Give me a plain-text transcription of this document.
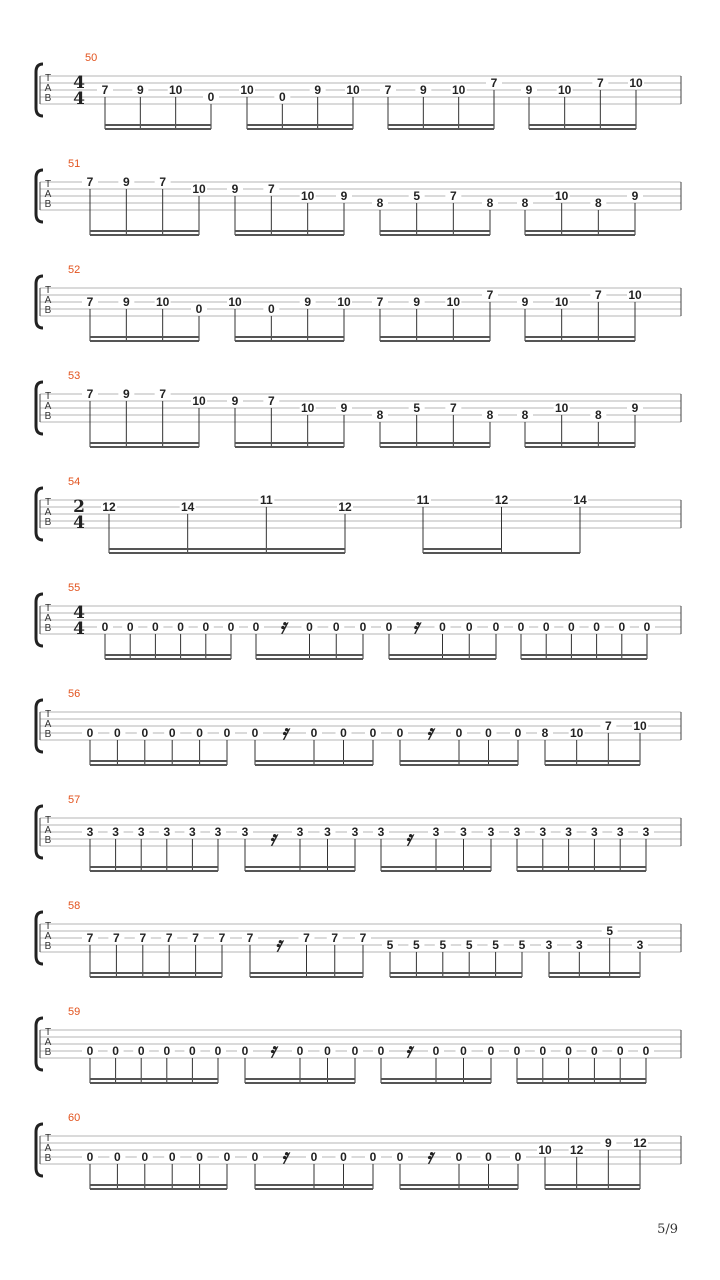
T
A
B
50
4
4 7 9 10 0 10 0 9 10 7 9 10 7 9 10 7 10
T
A
B
51
7 9 7 10 9 7 10 9 8 5 7 8 8 10 8 9
T
A
B
52
7 9 10 0 10 0 9 10 7 9 10 7 9 10 7 10
T
A
B
53
7 9 7 10 9 7 10 9 8 5 7 8 8 10 8 9
T
A
B
54
2
4
12	14	11	12	11	12	14
T
A
B
55
4
4 0 0 0 0 0 0 0 𝄿 0 0 0 0 𝄿 0 0 0 0 0 0 0 0 0
T
A
B
56
0 0 0 0 0 0 0 𝄿 0 0 0 0 𝄿 0 0 0 8 10 7 10
T
A
B
57
3 3 3 3 3 3 3 𝄿 3 3 3 3 𝄿 3 3 3 3 3 3 3 3 3
T
A
B
58
7 7 7 7 7 7 7 𝄿 7 7 7 5 5 5 5 5 5 3 3
5
3
T
A
B
59
0 0 0 0 0 0 0 𝄿 0 0 0 0 𝄿 0 0 0 0 0 0 0 0 0
T
A
B
60
0 0 0 0 0 0 0 𝄿 0 0 0 0 𝄿 0 0 0 10 12 9 12
5/9
